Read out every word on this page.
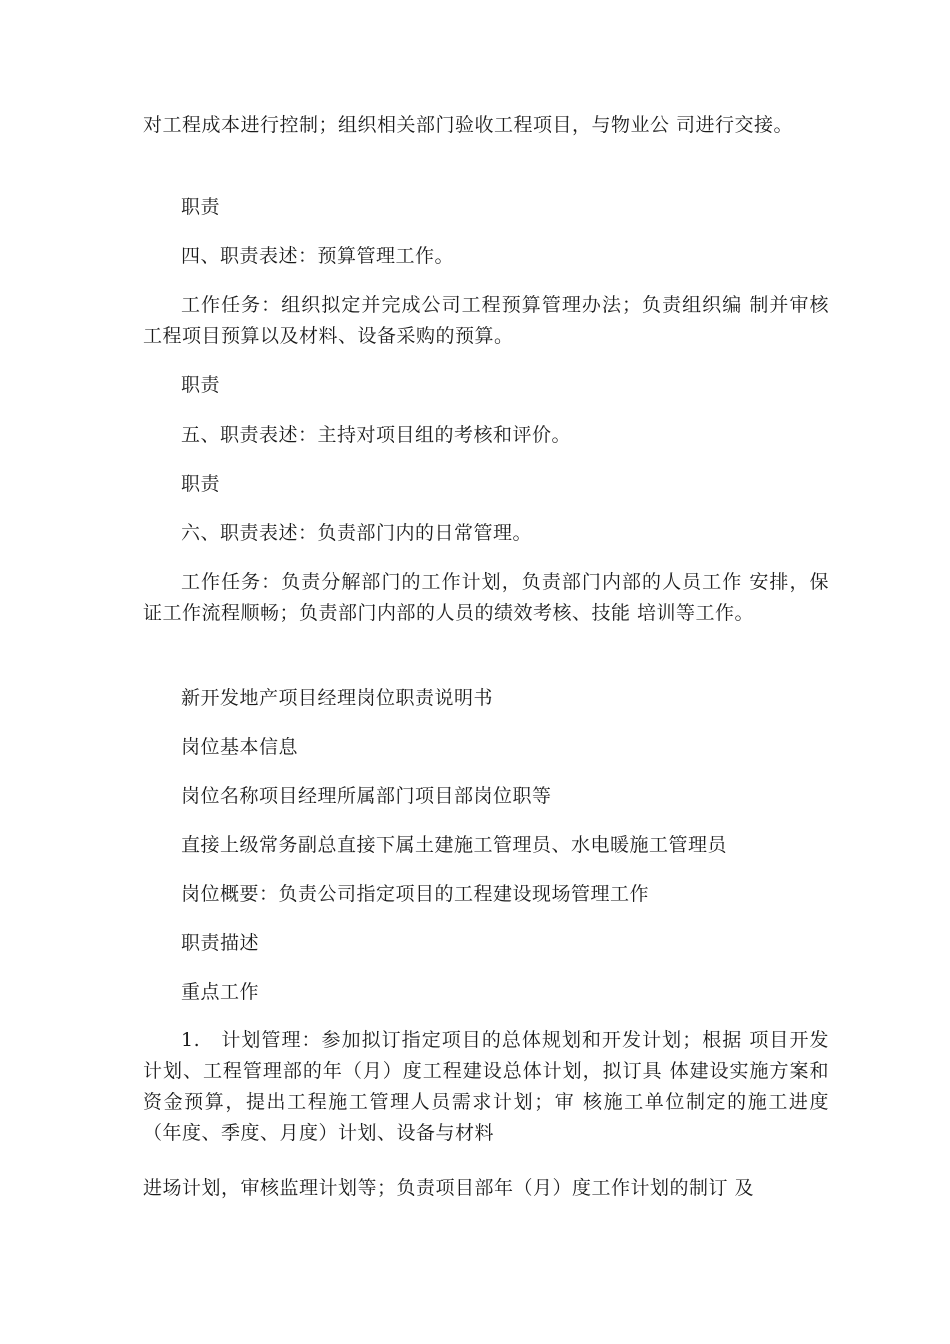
对工程成本进行控制；组织相关部门验收工程项目，与物业公 司进行交接。

职责

四、职责表述：预算管理工作。

工作任务：组织拟定并完成公司工程预算管理办法；负责组织编 制并审核工程项目预算以及材料、设备采购的预算。

职责

五、职责表述：主持对项目组的考核和评价。

职责

六、职责表述：负责部门内的日常管理。

工作任务：负责分解部门的工作计划，负责部门内部的人员工作 安排，保证工作流程顺畅；负责部门内部的人员的绩效考核、技能 培训等工作。

新开发地产项目经理岗位职责说明书

岗位基本信息

岗位名称项目经理所属部门项目部岗位职等

直接上级常务副总直接下属土建施工管理员、水电暖施工管理员

岗位概要：负责公司指定项目的工程建设现场管理工作

职责描述

重点工作

1.   计划管理：参加拟订指定项目的总体规划和开发计划；根据 项目开发计划、工程管理部的年（月）度工程建设总体计划，拟订具 体建设实施方案和资金预算，提出工程施工管理人员需求计划；审 核施工单位制定的施工进度（年度、季度、月度）计划、设备与材料

进场计划，审核监理计划等；负责项目部年（月）度工作计划的制订 及
